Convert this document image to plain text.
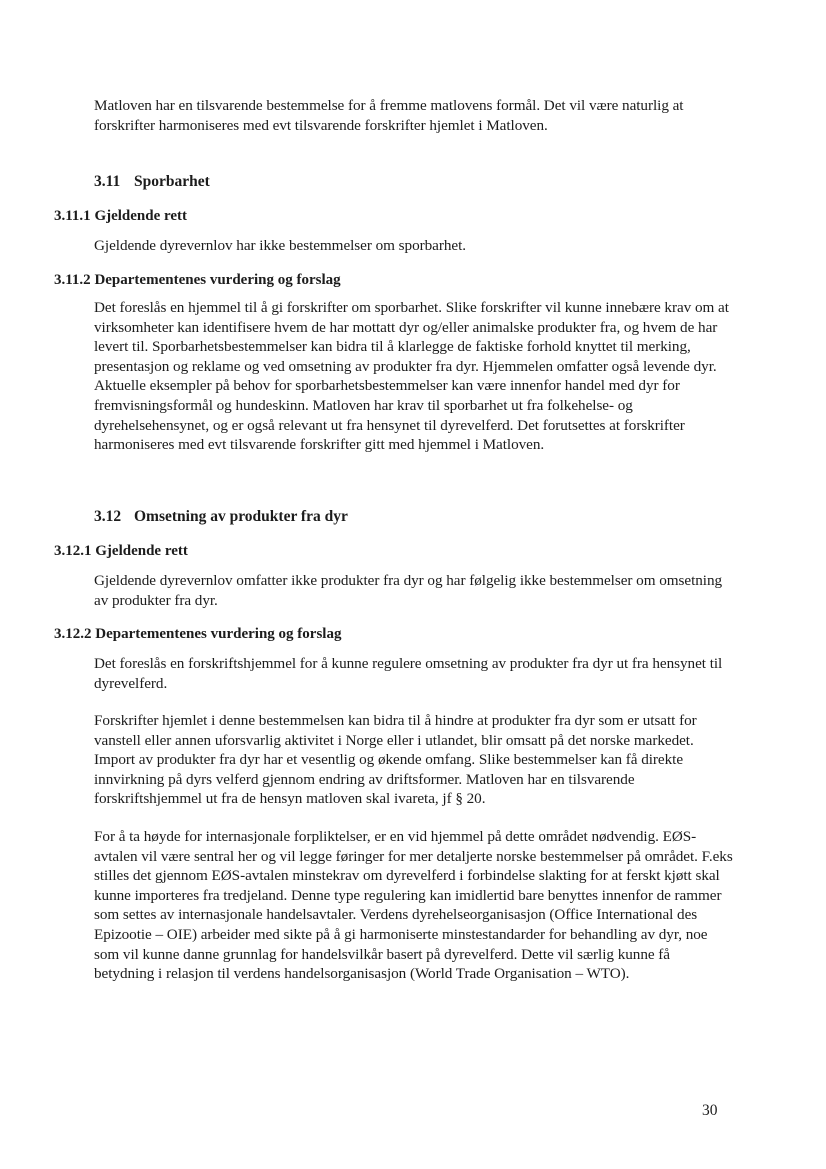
Matloven har en tilsvarende bestemmelse for å fremme matlovens formål. Det vil være naturlig at forskrifter harmoniseres med evt tilsvarende forskrifter hjemlet i Matloven.

3.11 Sporbarhet
3.11.1 Gjeldende rett

Gjeldende dyrevernlov har ikke bestemmelser om sporbarhet.

3.11.2 Departementenes vurdering og forslag

Det foreslås en hjemmel til å gi forskrifter om sporbarhet. Slike forskrifter vil kunne innebære krav om at virksomheter kan identifisere hvem de har mottatt dyr og/eller animalske produkter fra, og hvem de har levert til. Sporbarhetsbestemmelser kan bidra til å klarlegge de faktiske forhold knyttet til merking, presentasjon og reklame og ved omsetning av produkter fra dyr. Hjemmelen omfatter også levende dyr. Aktuelle eksempler på behov for sporbarhetsbestemmelser kan være innenfor handel med dyr for fremvisningsformål og hundeskinn. Matloven har krav til sporbarhet ut fra folkehelse- og dyrehelsehensynet, og er også relevant ut fra hensynet til dyrevelferd. Det forutsettes at forskrifter harmoniseres med evt tilsvarende forskrifter gitt med hjemmel i Matloven.

3.12 Omsetning av produkter fra dyr
3.12.1 Gjeldende rett

Gjeldende dyrevernlov omfatter ikke produkter fra dyr og har følgelig ikke bestemmelser om omsetning av produkter fra dyr.

3.12.2 Departementenes vurdering og forslag

Det foreslås en forskriftshjemmel for å kunne regulere omsetning av produkter fra dyr ut fra hensynet til dyrevelferd.

Forskrifter hjemlet i denne bestemmelsen kan bidra til å hindre at produkter fra dyr som er utsatt for vanstell eller annen uforsvarlig aktivitet i Norge eller i utlandet, blir omsatt på det norske markedet. Import av produkter fra dyr har et vesentlig og økende omfang. Slike bestemmelser kan få direkte innvirkning på dyrs velferd gjennom endring av driftsformer. Matloven har en tilsvarende forskriftshjemmel ut fra de hensyn matloven skal ivareta, jf § 20.

For å ta høyde for internasjonale forpliktelser, er en vid hjemmel på dette området nødvendig. EØS-avtalen vil være sentral her og vil legge føringer for mer detaljerte norske bestemmelser på området. F.eks stilles det gjennom EØS-avtalen minstekrav om dyrevelferd i forbindelse slakting for at ferskt kjøtt skal kunne importeres fra tredjeland. Denne type regulering kan imidlertid bare benyttes innenfor de rammer som settes av internasjonale handelsavtaler. Verdens dyrehelseorganisasjon (Office International des Epizootie – OIE) arbeider med sikte på å gi harmoniserte minstestandarder for behandling av dyr, noe som vil kunne danne grunnlag for handelsvilkår basert på dyrevelferd. Dette vil særlig kunne få betydning i relasjon til verdens handelsorganisasjon (World Trade Organisation – WTO).

30
